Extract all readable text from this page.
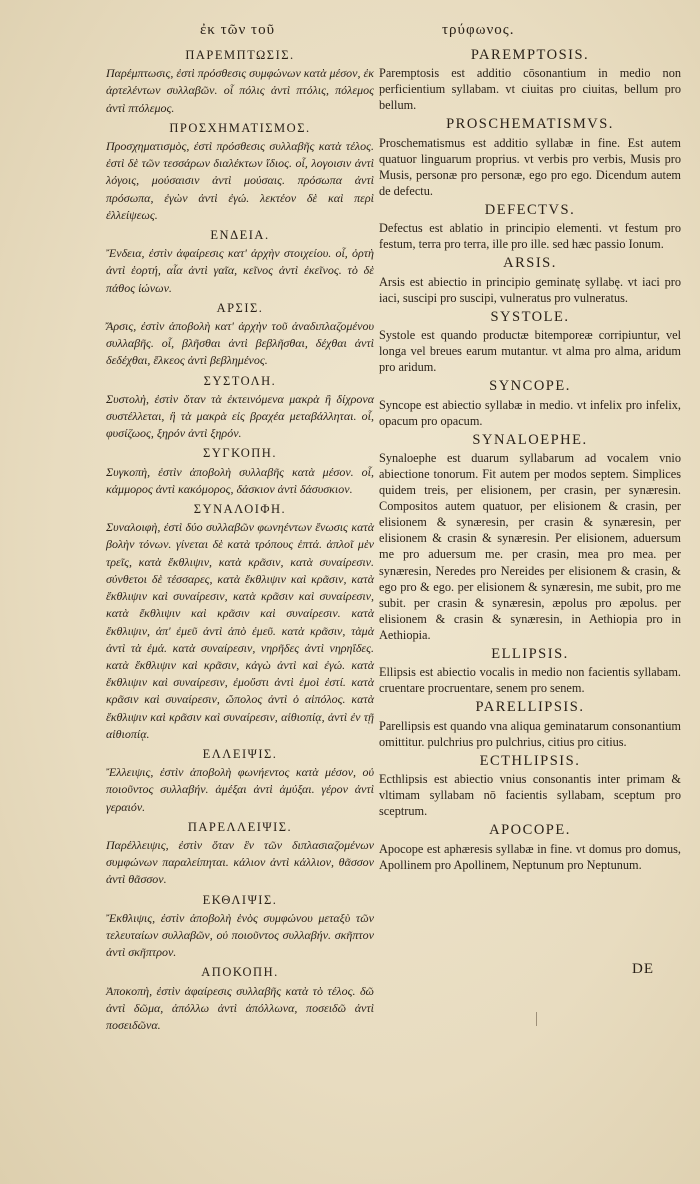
ἐκ τῶν τοῦ	τρύφωνος.
ΠΑΡΕΜΠΤΩΣΙΣ.

Παρέμπτωσις, ἐστὶ πρόσθεσις συμφώνων κατὰ μέσον, ἐκ ἀρτελέντων συλλαβῶν. οἷ πόλις ἀντὶ πτόλις, πόλεμος ἀντὶ πτόλεμος.

ΠΡΟΣΧΗΜΑΤΙΣΜΟΣ.

Προσχηματισμὸς, ἐστὶ πρόσθεσις συλλαβῆς κατὰ τέλος. ἐστὶ δὲ τῶν τεσσάρων διαλέκτων ἴδιος. οἷ, λογοισιν ἀντὶ λόγοις, μούσαισιν ἀντὶ μούσαις. πρόσωπα ἀντὶ πρόσωπα, ἐγὼν ἀντὶ ἐγώ. λεκτέον δὲ καὶ περὶ ἐλλείψεως.

ΕΝΔΕΙΑ.

Ἔνδεια, ἐστὶν ἀφαίρεσις κατ' ἀρχὴν στοιχείου. οἷ, ὀρτὴ ἀντὶ ἑορτή, αἶα ἀντὶ γαῖα, κεῖνος ἀντὶ ἐκεῖνος. τὸ δὲ πάθος ἰώνων.

ΑΡΣΙΣ.

Ἄρσις, ἐστὶν ἀποβολὴ κατ' ἀρχὴν τοῦ ἀναδιπλαζομένου συλλαβῆς. οἷ, βλῆσθαι ἀντὶ βεβλῆσθαι, δέχθαι ἀντὶ δεδέχθαι, ἕλκεος ἀντὶ βεβλημένος.

ΣΥΣΤΟΛΗ.

Συστολὴ, ἐστὶν ὅταν τὰ ἐκτεινόμενα μακρὰ ἢ δίχρονα συστέλλεται, ἢ τὰ μακρὰ εἰς βραχέα μεταβάλληται. οἷ, φυσίζωος, ξηρόν ἀντὶ ξηρόν.

ΣΥΓΚΟΠΗ.

Συγκοπὴ, ἐστὶν ἀποβολὴ συλλαβῆς κατὰ μέσον. οἷ, κάμμορος ἀντὶ κακόμορος, δάσκιον ἀντὶ δάσυσκιον.

ΣΥΝΑΛΟΙΦΗ.

Συναλοιφὴ, ἐστὶ δύο συλλαβῶν φωνηέντων ἕνωσις κατὰ βολὴν τόνων. γίνεται δὲ κατὰ τρόπους ἑπτά. ἁπλοῖ μὲν τρεῖς, κατὰ ἔκθλιψιν, κατὰ κρᾶσιν, κατὰ συναίρεσιν. σύνθετοι δὲ τέσσαρες, κατὰ ἔκθλιψιν καὶ κρᾶσιν, κατὰ ἔκθλιψιν καὶ συναίρεσιν, κατὰ κρᾶσιν καὶ συναίρεσιν, κατὰ ἔκθλιψιν καὶ κρᾶσιν καὶ συναίρεσιν. κατὰ ἔκθλιψιν, ἀπ' ἐμεῦ ἀντὶ ἀπὸ ἐμεῦ. κατὰ κρᾶσιν, τὰμὰ ἀντὶ τὰ ἐμά. κατὰ συναίρεσιν, νηρῆδες ἀντὶ νηρηΐδες. κατὰ ἔκθλιψιν καὶ κρᾶσιν, κἀγὼ ἀντὶ καὶ ἐγώ. κατὰ ἔκθλιψιν καὶ συναίρεσιν, ἐμοὔστι ἀντὶ ἐμοὶ ἐστί. κατὰ κρᾶσιν καὶ συναίρεσιν, ὤπολος ἀντὶ ὁ αἰπόλος. κατὰ ἔκθλιψιν καὶ κρᾶσιν καὶ συναίρεσιν, αἰθιοπίᾳ, ἀντὶ ἐν τῇ αἰθιοπίᾳ.

ΕΛΛΕΙΨΙΣ.

Ἔλλειψις, ἐστὶν ἀποβολὴ φωνήεντος κατὰ μέσον, οὐ ποιοῦντος συλλαβήν. ἀμέξαι ἀντὶ ἀμύξαι. γέρον ἀντὶ γεραιόν.

ΠΑΡΕΛΛΕΙΨΙΣ.

Παρέλλειψις, ἐστὶν ὅταν ἓν τῶν διπλασιαζομένων συμφώνων παραλείπηται. κάλιον ἀντὶ κάλλιον, θᾶσσον ἀντὶ θᾶσσον.

ΕΚΘΛΙΨΙΣ.

Ἔκθλιψις, ἐστὶν ἀποβολὴ ἑνὸς συμφώνου μεταξὺ τῶν τελευταίων συλλαβῶν, οὐ ποιοῦντος συλλαβήν. σκῆπτον ἀντὶ σκῆπτρον.

ΑΠΟΚΟΠΗ.

Ἀποκοπὴ, ἐστὶν ἀφαίρεσις συλλαβῆς κατὰ τὸ τέλος. δῶ ἀντὶ δῶμα, ἀπόλλω ἀντὶ ἀπόλλωνα, ποσειδῶ ἀντὶ ποσειδῶνα.

PAREMPTOSIS.

Paremptosis est additio cōsonantium in medio non perficientium syllabam. vt ciuitas pro ciuitas, bellum pro bellum.

PROSCHEMATISMVS.

Proschematismus est additio syllabæ in fine. Est autem quatuor linguarum proprius. vt verbis pro verbis, Musis pro Musis, personæ pro personæ, ego pro ego. Dicendum autem de defectu.

DEFECTVS.

Defectus est ablatio in principio elementi. vt festum pro festum, terra pro terra, ille pro ille. sed hæc passio Ionum.

ARSIS.

Arsis est abiectio in principio geminatę syllabę. vt iaci pro iaci, suscipi pro suscipi, vulneratus pro vulneratus.

SYSTOLE.

Systole est quando productæ bitemporeæ corripiuntur, vel longa vel breues earum mutantur. vt alma pro alma, aridum pro aridum.

SYNCOPE.

Syncope est abiectio syllabæ in medio. vt infelix pro infelix, opacum pro opacum.

SYNALOEPHE.

Synaloephe est duarum syllabarum ad vocalem vnio abiectione tonorum. Fit autem per modos septem. Simplices quidem treis, per elisionem, per crasin, per synæresin. Compositos autem quatuor, per elisionem & crasin, per elisionem & synæresin, per crasin & synæresin, per elisionem & crasin & synæresin. Per elisionem, aduersum me pro aduersum me. per crasin, mea pro mea. per synæresin, Neredes pro Nereides per elisionem & crasin, & ego pro & ego. per elisionem & synæresin, me subit, pro me subit. per crasin & synæresin, æpolus pro æpolus. per elisionem & crasin & synæresin, in Aethiopia pro in Aethiopia.

ELLIPSIS.

Ellipsis est abiectio vocalis in medio non facientis syllabam. cruentare procruentare, senem pro senem.

PARELLIPSIS.

Parellipsis est quando vna aliqua geminatarum consonantium omittitur. pulchrius pro pulchrius, citius pro citius.

ECTHLIPSIS.

Ecthlipsis est abiectio vnius consonantis inter primam & vltimam syllabam nō facientis syllabam, sceptum pro sceptrum.

APOCOPE.

Apocope est aphæresis syllabæ in fine. vt domus pro domus, Apollinem pro Apollinem, Neptunum pro Neptunum.

DE
